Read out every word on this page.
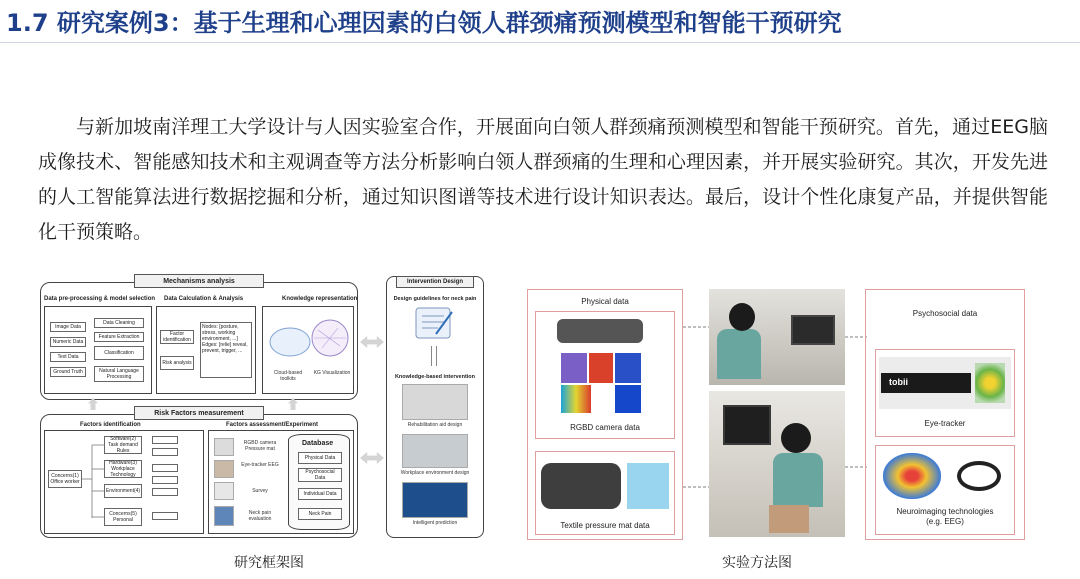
1.7 研究案例3：基于生理和心理因素的白领人群颈痛预测模型和智能干预研究

与新加坡南洋理工大学设计与人因实验室合作，开展面向白领人群颈痛预测模型和智能干预研究。首先，通过EEG脑成像技术、智能感知技术和主观调查等方法分析影响白领人群颈痛的生理和心理因素，并开展实验研究。其次，开发先进的人工智能算法进行数据挖掘和分析，通过知识图谱等技术进行设计知识表达。最后，设计个性化康复产品，并提供智能化干预策略。

Mechanisms analysis
Data pre-processing & model selection
Image Data
Numeric Data
Text Data
Ground Truth
Data Cleaning
Feature Extraction
Classification
Natural Language Processing
Data Calculation & Analysis
Factor identification
Risk analysis
Nodes: [posture, stress, working environment, ...] Edges: [relie] reveal, prevent, trigger, ...
Knowledge representation
Cloud-based toolkits
KG Visualization
Risk Factors measurement
Factors identification
Concerns(1) Office worker
Software(2) Task demand Rules
Hardware(3) Workplace Technology
Environment(4)
Concerns(5) Personal
Factors assessment/Experiment
RGBD camera Pressure mat
Eye-tracker EEG
Survey
Neck pain evaluation
Database
Physical Data
Psychosocial Data
Individual Data
Neck Pain
Intervention Design
Design guidelines for neck pain
Knowledge-based intervention
Rehabilitation aid design
Workplace environment design
Intelligent prediction
研究框架图
Physical data
RGBD camera data
Textile pressure mat data
Psychosocial data
tobii
Eye-tracker
Neuroimaging technologies
(e.g. EEG)
实验方法图
